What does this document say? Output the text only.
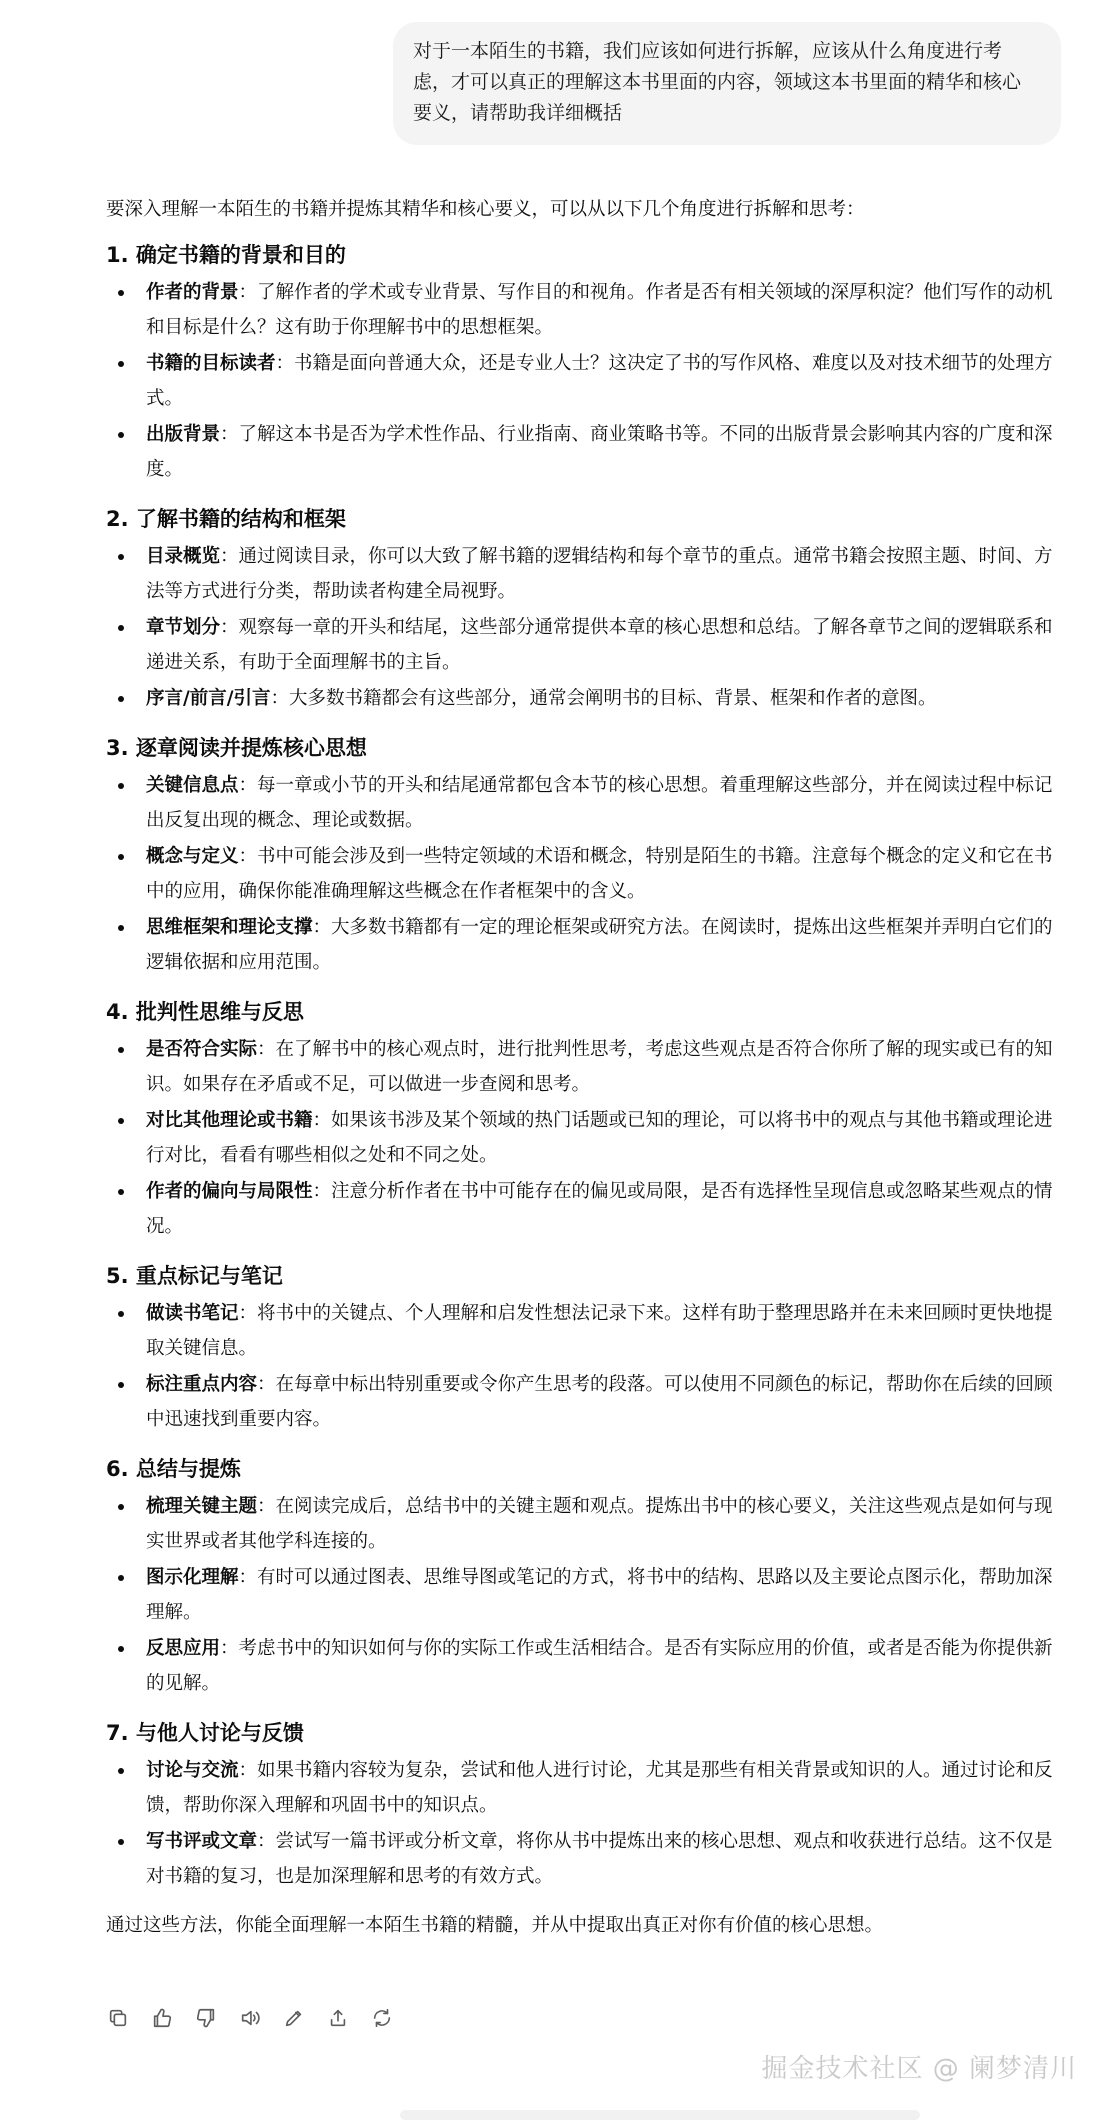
对于一本陌生的书籍，我们应该如何进行拆解，应该从什么角度进行考虑，才可以真正的理解这本书里面的内容，领域这本书里面的精华和核心要义，请帮助我详细概括

要深入理解一本陌生的书籍并提炼其精华和核心要义，可以从以下几个角度进行拆解和思考：

1. 确定书籍的背景和目的
作者的背景：了解作者的学术或专业背景、写作目的和视角。作者是否有相关领域的深厚积淀？他们写作的动机和目标是什么？这有助于你理解书中的思想框架。
书籍的目标读者：书籍是面向普通大众，还是专业人士？这决定了书的写作风格、难度以及对技术细节的处理方式。
出版背景：了解这本书是否为学术性作品、行业指南、商业策略书等。不同的出版背景会影响其内容的广度和深度。
2. 了解书籍的结构和框架
目录概览：通过阅读目录，你可以大致了解书籍的逻辑结构和每个章节的重点。通常书籍会按照主题、时间、方法等方式进行分类，帮助读者构建全局视野。
章节划分：观察每一章的开头和结尾，这些部分通常提供本章的核心思想和总结。了解各章节之间的逻辑联系和递进关系，有助于全面理解书的主旨。
序言/前言/引言：大多数书籍都会有这些部分，通常会阐明书的目标、背景、框架和作者的意图。
3. 逐章阅读并提炼核心思想
关键信息点：每一章或小节的开头和结尾通常都包含本节的核心思想。着重理解这些部分，并在阅读过程中标记出反复出现的概念、理论或数据。
概念与定义：书中可能会涉及到一些特定领域的术语和概念，特别是陌生的书籍。注意每个概念的定义和它在书中的应用，确保你能准确理解这些概念在作者框架中的含义。
思维框架和理论支撑：大多数书籍都有一定的理论框架或研究方法。在阅读时，提炼出这些框架并弄明白它们的逻辑依据和应用范围。
4. 批判性思维与反思
是否符合实际：在了解书中的核心观点时，进行批判性思考，考虑这些观点是否符合你所了解的现实或已有的知识。如果存在矛盾或不足，可以做进一步查阅和思考。
对比其他理论或书籍：如果该书涉及某个领域的热门话题或已知的理论，可以将书中的观点与其他书籍或理论进行对比，看看有哪些相似之处和不同之处。
作者的偏向与局限性：注意分析作者在书中可能存在的偏见或局限，是否有选择性呈现信息或忽略某些观点的情况。
5. 重点标记与笔记
做读书笔记：将书中的关键点、个人理解和启发性想法记录下来。这样有助于整理思路并在未来回顾时更快地提取关键信息。
标注重点内容：在每章中标出特别重要或令你产生思考的段落。可以使用不同颜色的标记，帮助你在后续的回顾中迅速找到重要内容。
6. 总结与提炼
梳理关键主题：在阅读完成后，总结书中的关键主题和观点。提炼出书中的核心要义，关注这些观点是如何与现实世界或者其他学科连接的。
图示化理解：有时可以通过图表、思维导图或笔记的方式，将书中的结构、思路以及主要论点图示化，帮助加深理解。
反思应用：考虑书中的知识如何与你的实际工作或生活相结合。是否有实际应用的价值，或者是否能为你提供新的见解。
7. 与他人讨论与反馈
讨论与交流：如果书籍内容较为复杂，尝试和他人进行讨论，尤其是那些有相关背景或知识的人。通过讨论和反馈，帮助你深入理解和巩固书中的知识点。
写书评或文章：尝试写一篇书评或分析文章，将你从书中提炼出来的核心思想、观点和收获进行总结。这不仅是对书籍的复习，也是加深理解和思考的有效方式。

通过这些方法，你能全面理解一本陌生书籍的精髓，并从中提取出真正对你有价值的核心思想。

掘金技术社区 @ 阑梦清川
